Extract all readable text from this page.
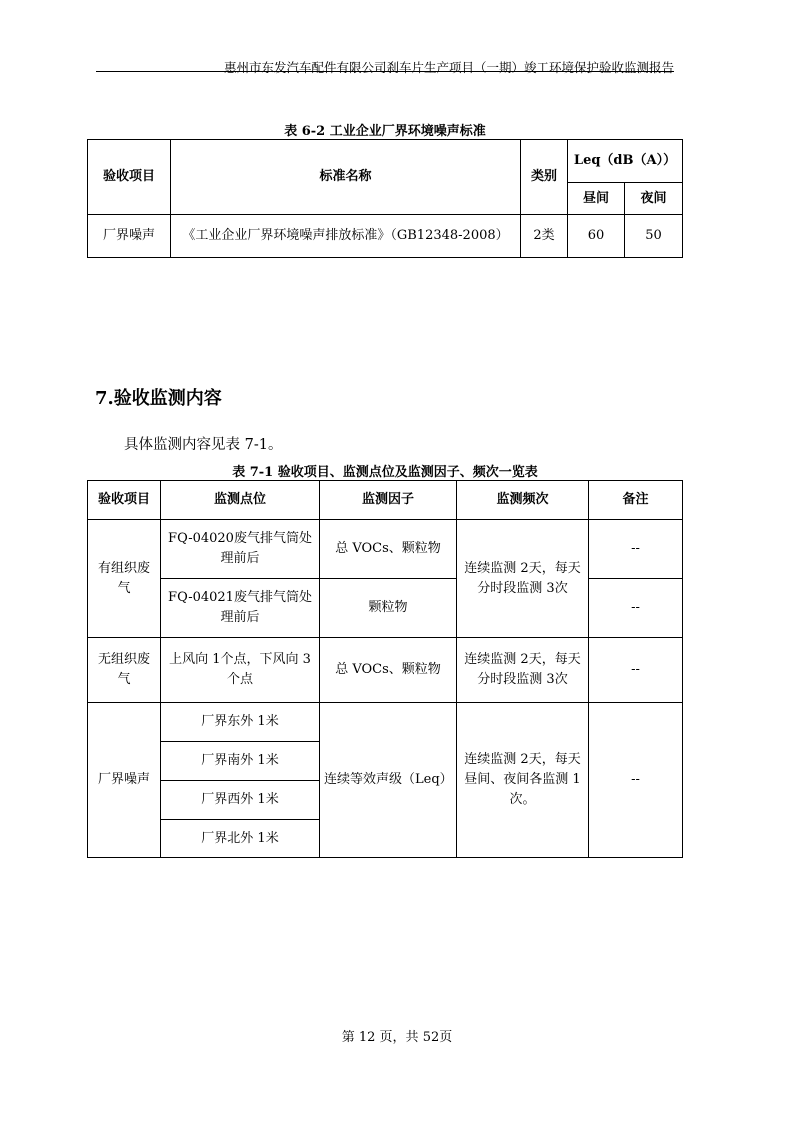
惠州市东发汽车配件有限公司刹车片生产项目（一期）竣工环境保护验收监测报告
表 6-2 工业企业厂界环境噪声标准
验收项目	标准名称	类别	Leq（dB（A））	
			昼间	夜间
厂界噪声	《工业企业厂界环境噪声排放标准》（GB12348-2008）	2类	60	50
7.验收监测内容
具体监测内容见表 7-1。
表 7-1 验收项目、监测点位及监测因子、频次一览表
验收项目	监测点位	监测因子	监测频次	备注
有组织废气	FQ-04020废气排气筒处理前后	总 VOCs、颗粒物	连续监测 2天，每天分时段监测 3次	--
	FQ-04021废气排气筒处理前后	颗粒物		--
无组织废气	上风向 1个点，下风向 3个点	总 VOCs、颗粒物	连续监测 2天，每天分时段监测 3次	--
厂界噪声	厂界东外 1米	连续等效声级（Leq）	连续监测 2天，每天昼间、夜间各监测 1次。	--
	厂界南外 1米			
	厂界西外 1米			
	厂界北外 1米			
第 12 页，共 52页
